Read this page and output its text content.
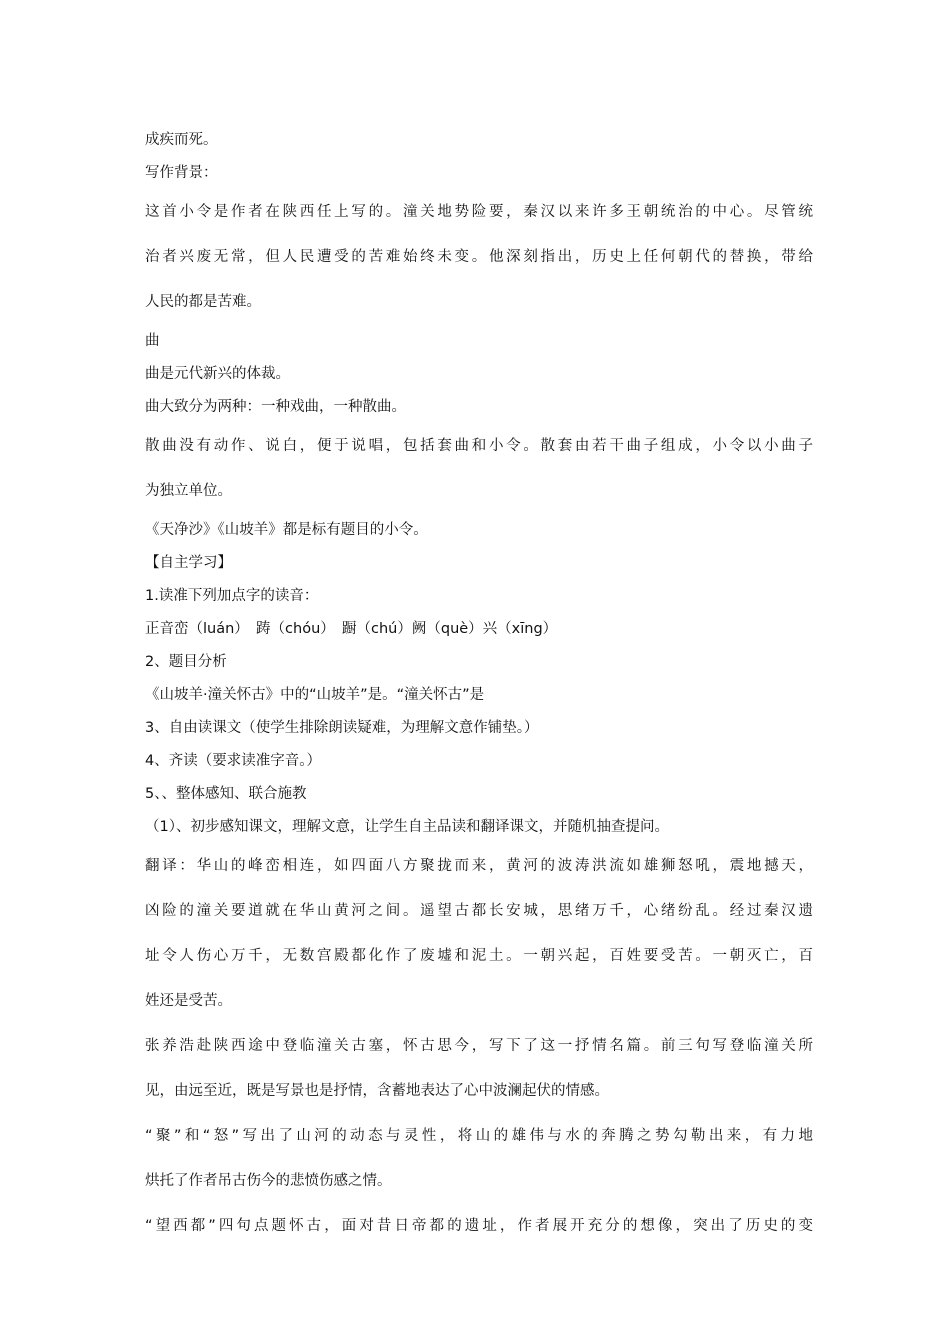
成疾而死。
写作背景：
这首小令是作者在陕西任上写的。潼关地势险要，秦汉以来许多王朝统治的中心。尽管统
治者兴废无常，但人民遭受的苦难始终未变。他深刻指出，历史上任何朝代的替换，带给
人民的都是苦难。
曲
曲是元代新兴的体裁。
曲大致分为两种：一种戏曲，一种散曲。
散曲没有动作、说白，便于说唱，包括套曲和小令。散套由若干曲子组成，小令以小曲子
为独立单位。
《天净沙》《山坡羊》都是标有题目的小令。
【自主学习】
1.读准下列加点字的读音：
正音峦（luán）　踌（chóu）　蹰（chú）阙（què）兴（xīng）
2、题目分析
《山坡羊·潼关怀古》中的“山坡羊”是。“潼关怀古”是
3、自由读课文（使学生排除朗读疑难，为理解文意作铺垫。）
4、齐读（要求读准字音。）
5、、整体感知、联合施教
（1）、初步感知课文，理解文意，让学生自主品读和翻译课文，并随机抽查提问。
翻译：华山的峰峦相连，如四面八方聚拢而来，黄河的波涛洪流如雄狮怒吼，震地撼天，
凶险的潼关要道就在华山黄河之间。遥望古都长安城，思绪万千，心绪纷乱。经过秦汉遗
址令人伤心万千，无数宫殿都化作了废墟和泥土。一朝兴起，百姓要受苦。一朝灭亡，百
姓还是受苦。
张养浩赴陕西途中登临潼关古塞，怀古思今，写下了这一抒情名篇。前三句写登临潼关所
见，由远至近，既是写景也是抒情，含蓄地表达了心中波澜起伏的情感。
“聚”和“怒”写出了山河的动态与灵性，将山的雄伟与水的奔腾之势勾勒出来，有力地
烘托了作者吊古伤今的悲愤伤感之情。
“望西都”四句点题怀古，面对昔日帝都的遗址，作者展开充分的想像，突出了历史的变
